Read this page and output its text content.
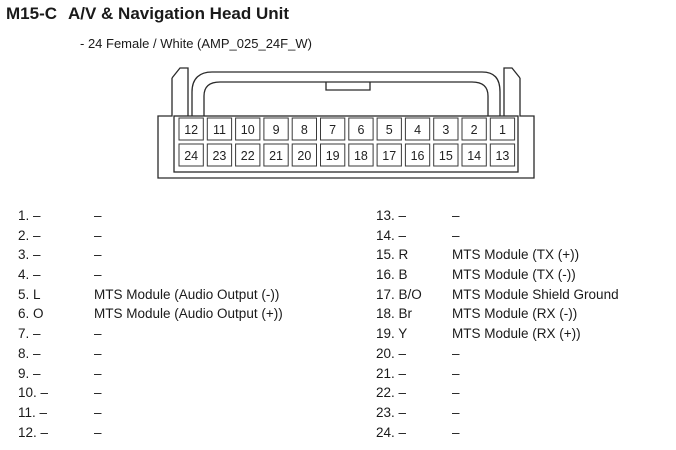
M15-C A/V & Navigation Head Unit
- 24 Female / White (AMP_025_24F_W)
12 11 10 9 8 7 6 5 4 3 2 1
24 23 22 21 20 19 18 17 16 15 14 13
1. –	–
2. –	–
3. –	–
4. –	–
5. L	MTS Module (Audio Output (-))
6. O	MTS Module (Audio Output (+))
7. –	–
8. –	–
9. –	–
10. –	–
11. –	–
12. –	–
13. –	–
14. –	–
15. R	MTS Module (TX (+))
16. B	MTS Module (TX (-))
17. B/O	MTS Module Shield Ground
18. Br	MTS Module (RX (-))
19. Y	MTS Module (RX (+))
20. –	–
21. –	–
22. –	–
23. –	–
24. –	–
